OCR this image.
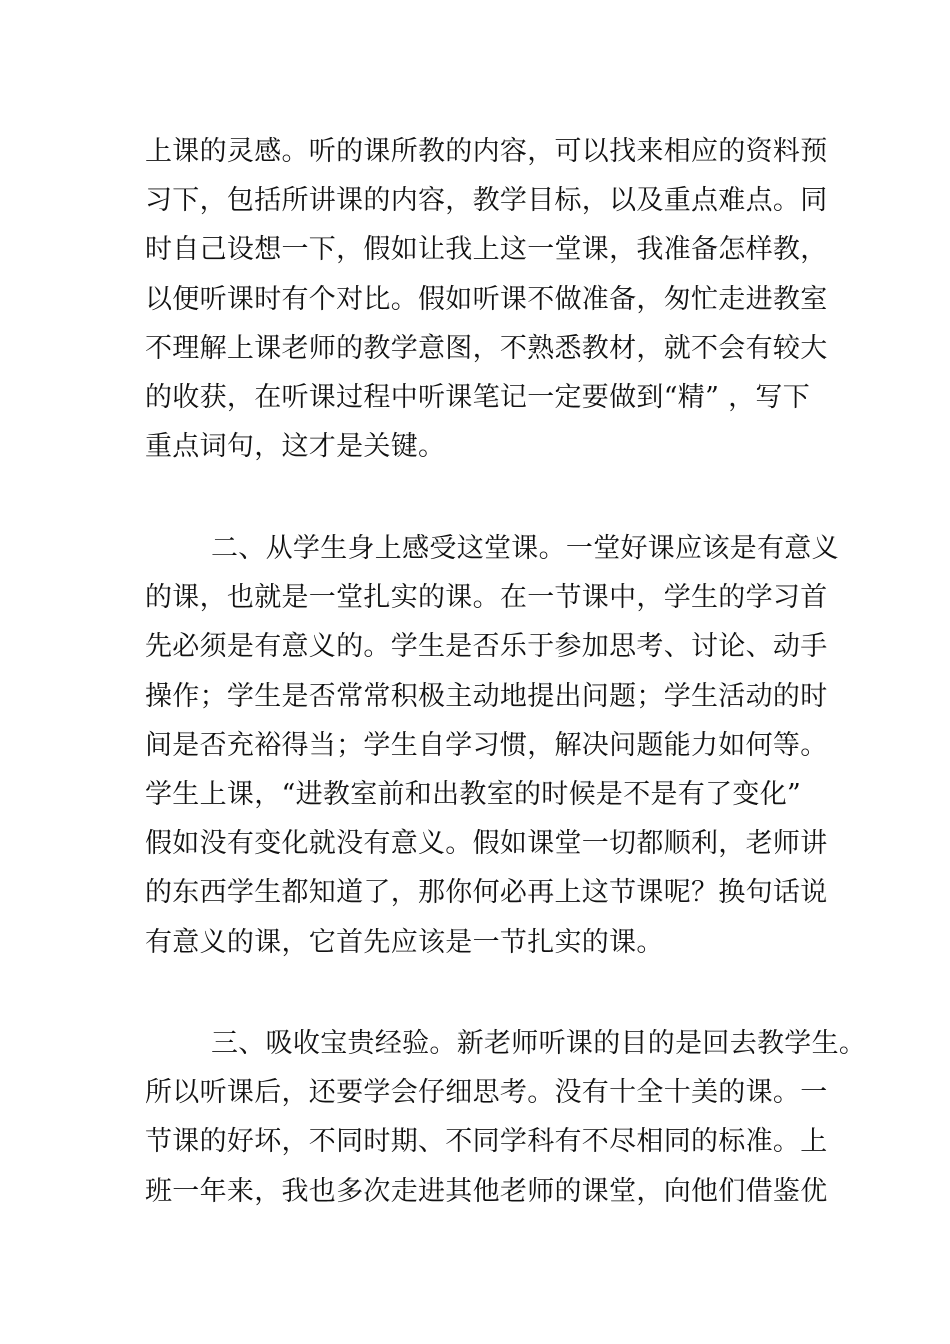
上课的灵感。听的课所教的内容，可以找来相应的资料预
习下，包括所讲课的内容，教学目标，以及重点难点。同
时自己设想一下，假如让我上这一堂课，我准备怎样教，
以便听课时有个对比。假如听课不做准备，匆忙走进教室
不理解上课老师的教学意图，不熟悉教材，就不会有较大
的收获，在听课过程中听课笔记一定要做到“精” ，写下
重点词句，这才是关键。
二、从学生身上感受这堂课。一堂好课应该是有意义
的课，也就是一堂扎实的课。在一节课中，学生的学习首
先必须是有意义的。学生是否乐于参加思考、讨论、动手
操作；学生是否常常积极主动地提出问题；学生活动的时
间是否充裕得当；学生自学习惯，解决问题能力如何等。
学生上课，“进教室前和出教室的时候是不是有了变化”
假如没有变化就没有意义。假如课堂一切都顺利，老师讲
的东西学生都知道了，那你何必再上这节课呢？换句话说
有意义的课，它首先应该是一节扎实的课。
三、吸收宝贵经验。新老师听课的目的是回去教学生。
所以听课后，还要学会仔细思考。没有十全十美的课。一
节课的好坏，不同时期、不同学科有不尽相同的标准。上
班一年来，我也多次走进其他老师的课堂，向他们借鉴优
